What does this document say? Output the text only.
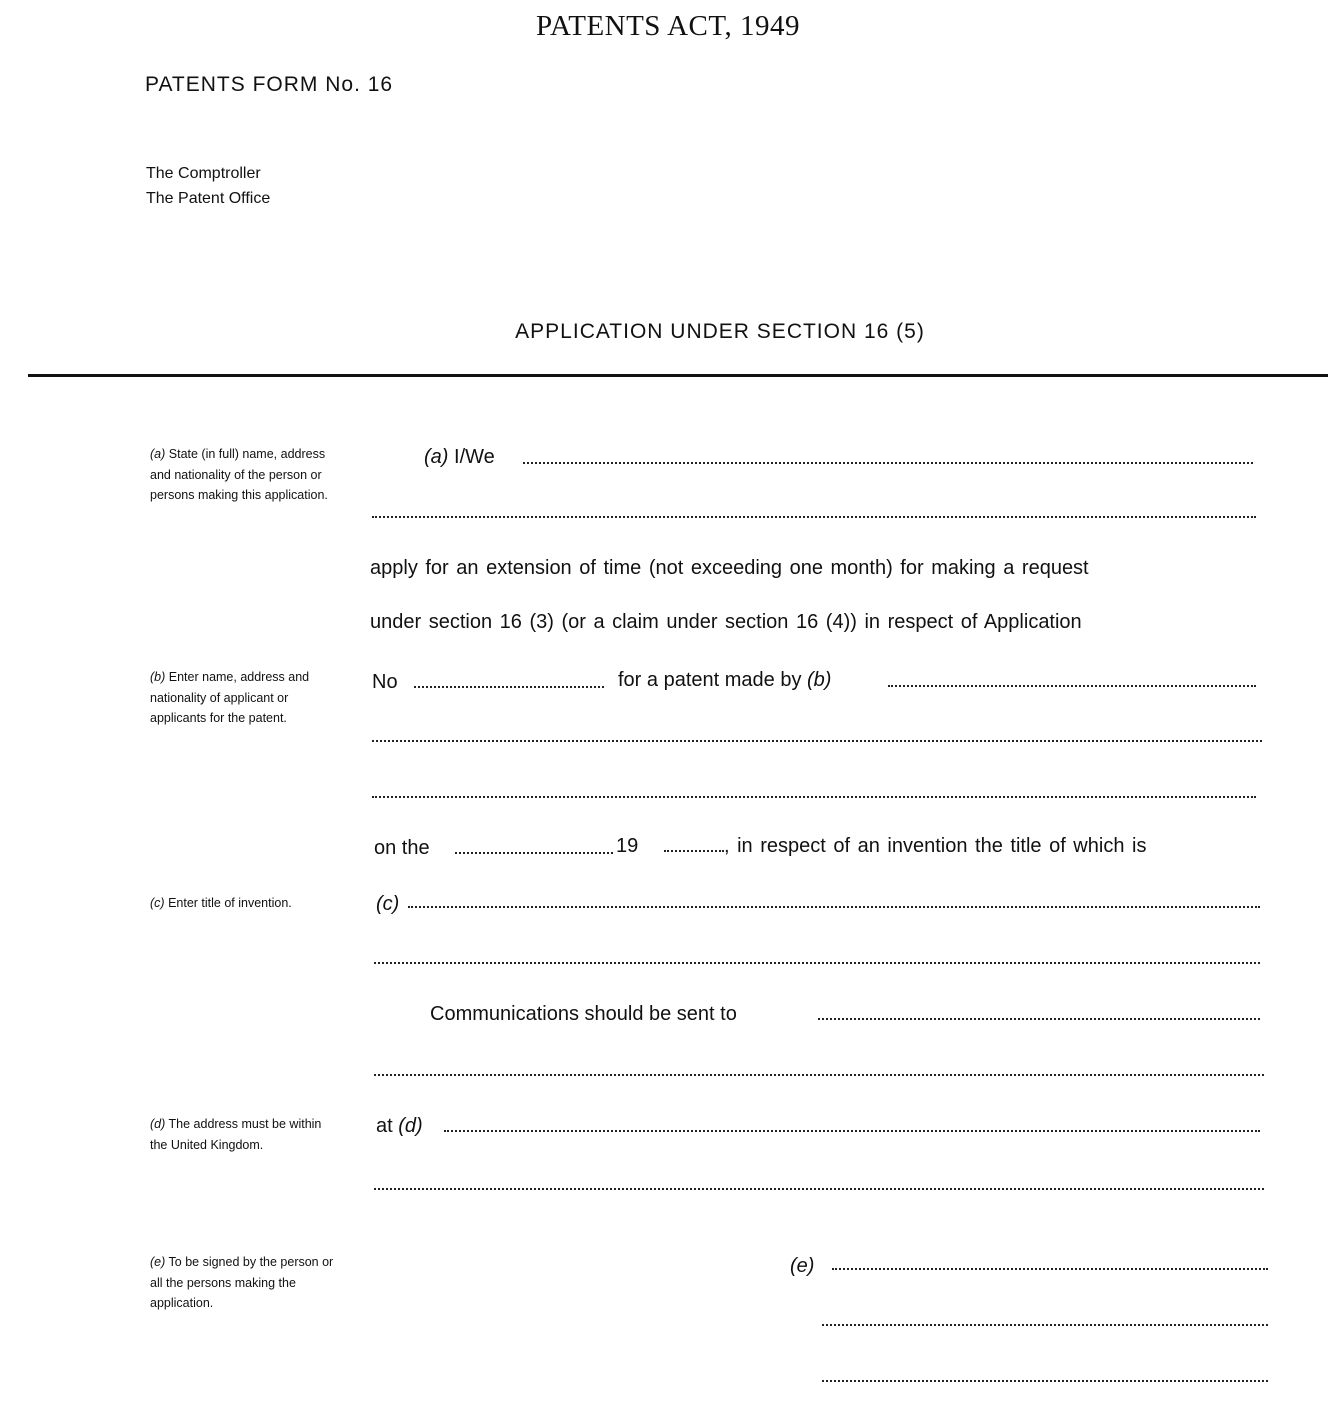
PATENTS ACT, 1949
PATENTS FORM No. 16
The Comptroller
The Patent Office
APPLICATION UNDER SECTION 16 (5)
(a) State (in full) name, address and nationality of the person or persons making this application.
(b) Enter name, address and nationality of applicant or applicants for the patent.
(c) Enter title of invention.
(d) The address must be within the United Kingdom.
(e) To be signed by the person or all the persons making the application.
(a) I/We
apply for an extension of time (not exceeding one month) for making a request
under section 16 (3) (or a claim under section 16 (4)) in respect of Application
No	for a patent made by (b)
on the	19	, in respect of an invention the title of which is
(c)
Communications should be sent to
at (d)
(e)
